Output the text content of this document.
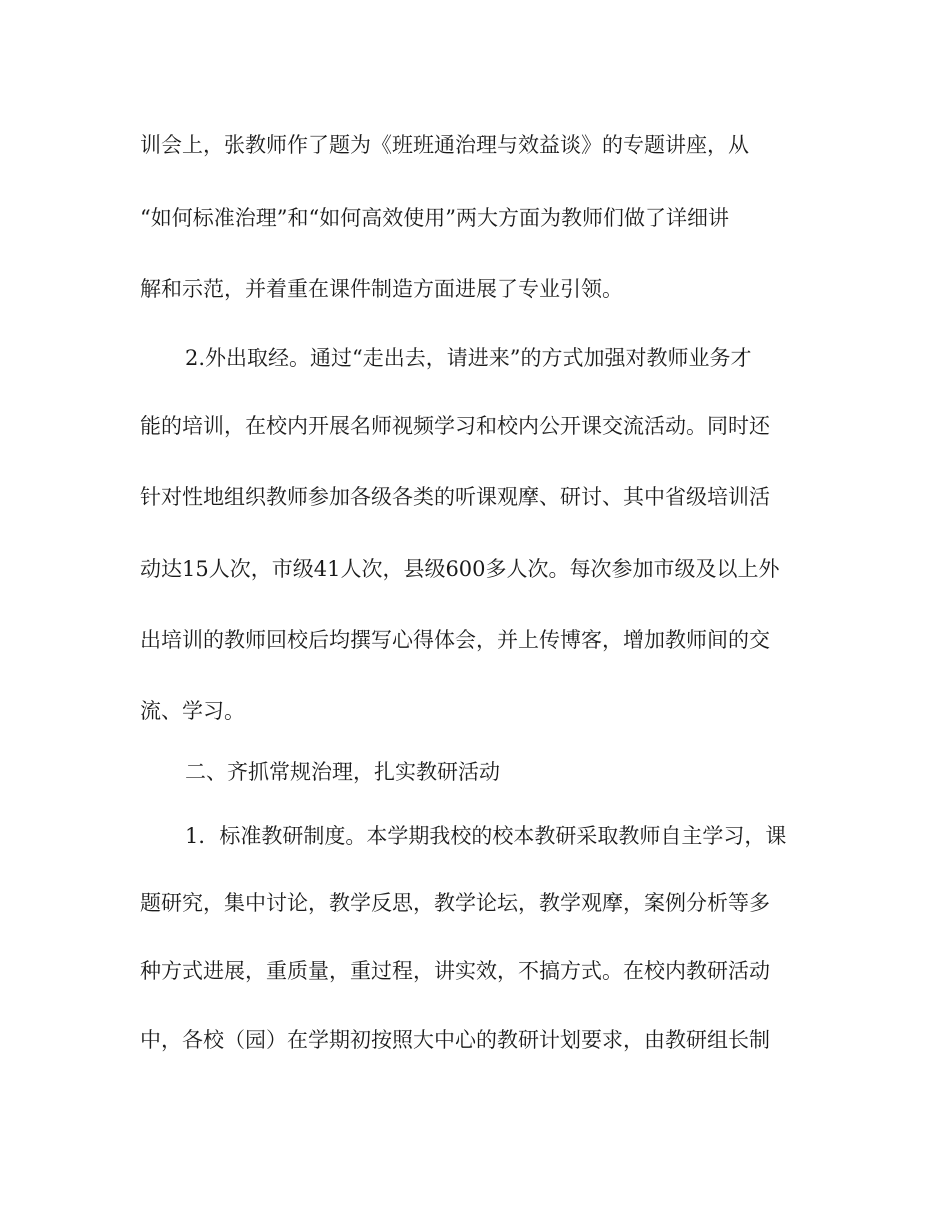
训会上，张教师作了题为《班班通治理与效益谈》的专题讲座，从
“如何标准治理”和“如何高效使用”两大方面为教师们做了详细讲
解和示范，并着重在课件制造方面进展了专业引领。
2.外出取经。通过“走出去，请进来”的方式加强对教师业务才
能的培训，在校内开展名师视频学习和校内公开课交流活动。同时还
针对性地组织教师参加各级各类的听课观摩、研讨、其中省级培训活
动达15人次，市级41人次，县级600多人次。每次参加市级及以上外
出培训的教师回校后均撰写心得体会，并上传博客，增加教师间的交
流、学习。
二、齐抓常规治理，扎实教研活动
1．标准教研制度。本学期我校的校本教研采取教师自主学习，课
题研究，集中讨论，教学反思，教学论坛，教学观摩，案例分析等多
种方式进展，重质量，重过程，讲实效，不搞方式。在校内教研活动
中，各校（园）在学期初按照大中心的教研计划要求，由教研组长制
